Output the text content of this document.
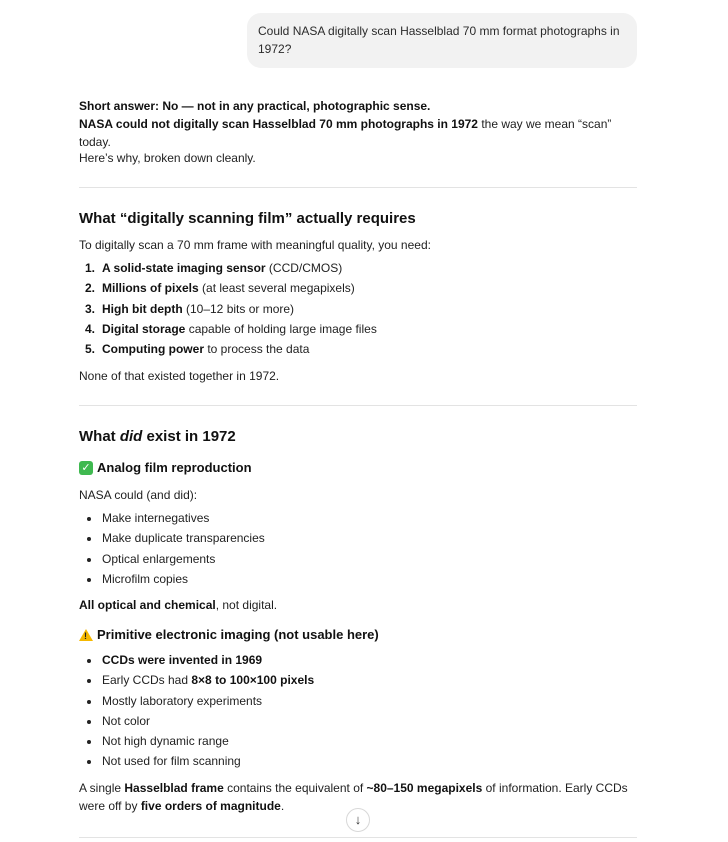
Could NASA digitally scan Hasselblad 70 mm format photographs in 1972?

Short answer: No — not in any practical, photographic sense.

NASA could not digitally scan Hasselblad 70 mm photographs in 1972 the way we mean “scan” today.

Here’s why, broken down cleanly.

What “digitally scanning film” actually requires

To digitally scan a 70 mm frame with meaningful quality, you need:

1. A solid-state imaging sensor (CCD/CMOS)
2. Millions of pixels (at least several megapixels)
3. High bit depth (10–12 bits or more)
4. Digital storage capable of holding large image files
5. Computing power to process the data

None of that existed together in 1972.

What did exist in 1972
✓ Analog film reproduction

NASA could (and did):

Make internegatives
Make duplicate transparencies
Optical enlargements
Microfilm copies

All optical and chemical, not digital.

! Primitive electronic imaging (not usable here)
CCDs were invented in 1969
Early CCDs had 8×8 to 100×100 pixels
Mostly laboratory experiments
Not color
Not high dynamic range
Not used for film scanning

A single Hasselblad frame contains the equivalent of ~80–150 megapixels of information. Early CCDs were off by five orders of magnitude.

↓
